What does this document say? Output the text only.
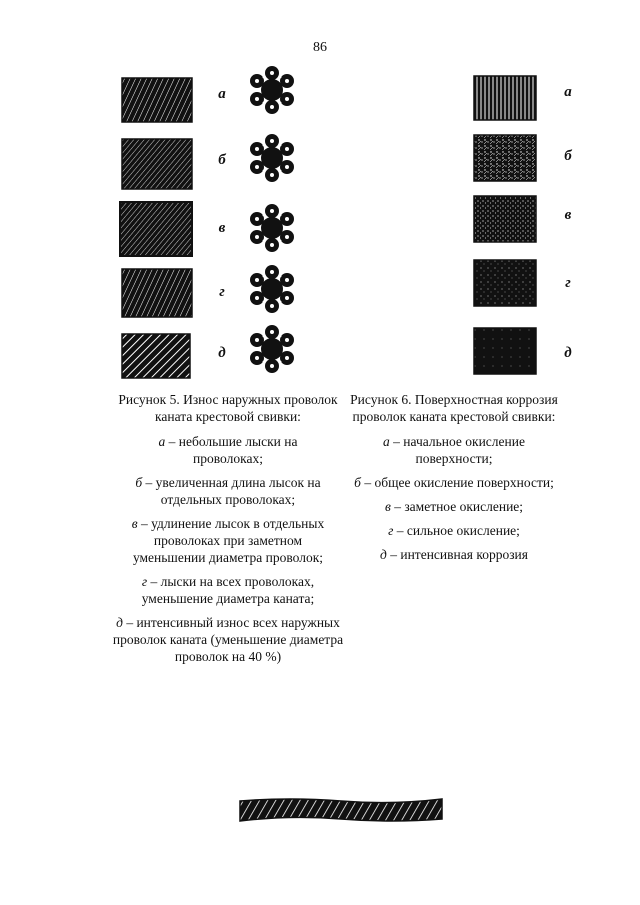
86
а
б
в
г
д
а
б
в
г
д
Рисунок 5. Износ наружных проволок каната крестовой свивки:
а – небольшие лыски на проволоках;
б – увеличенная длина лысок на отдельных проволоках;
в – удлинение лысок в отдельных проволоках при заметном уменьшении диаметра проволок;
г – лыски на всех проволоках, уменьшение диаметра каната;
д – интенсивный износ всех наружных проволок каната (уменьшение диаметра проволок на 40 %)
Рисунок 6. Поверхностная коррозия проволок каната крестовой свивки:
а – начальное окисление поверхности;
б – общее окисление поверхности;
в – заметное окисление;
г – сильное окисление;
д – интенсивная коррозия
